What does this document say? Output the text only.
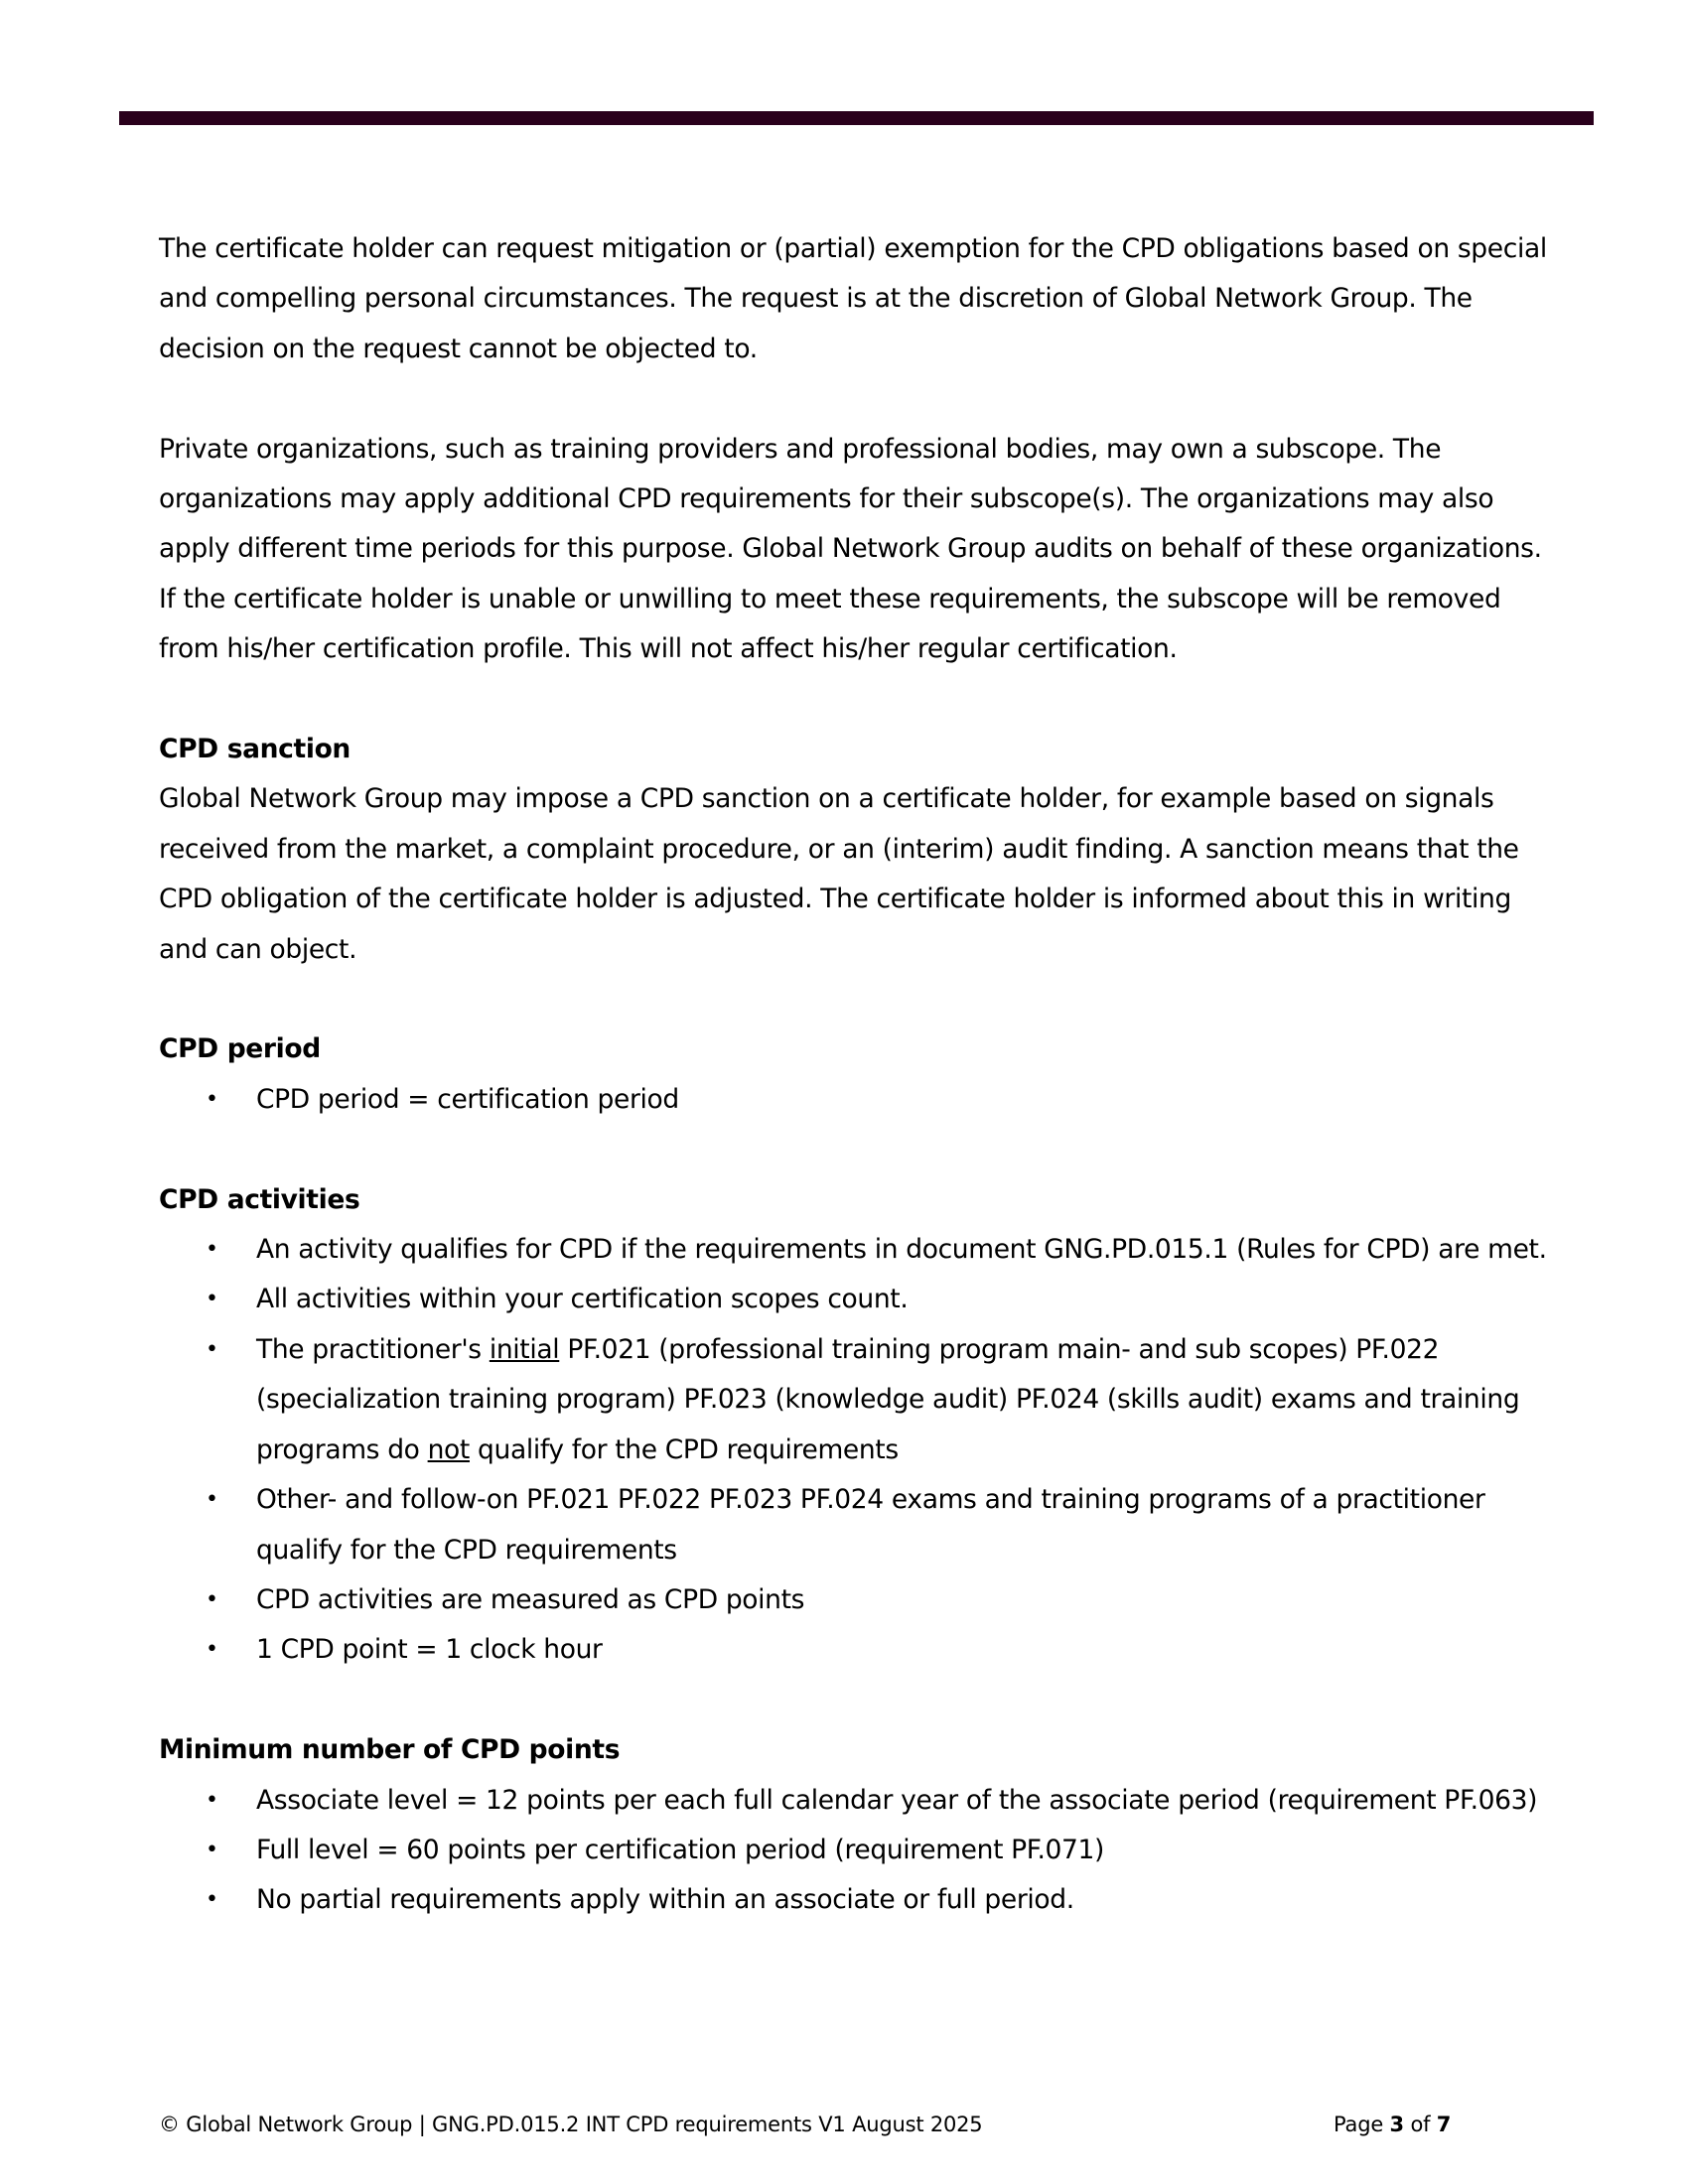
The certificate holder can request mitigation or (partial) exemption for the CPD obligations based on special and compelling personal circumstances. The request is at the discretion of Global Network Group. The decision on the request cannot be objected to.

Private organizations, such as training providers and professional bodies, may own a subscope. The organizations may apply additional CPD requirements for their subscope(s). The organizations may also apply different time periods for this purpose. Global Network Group audits on behalf of these organizations. If the certificate holder is unable or unwilling to meet these requirements, the subscope will be removed from his/her certification profile. This will not affect his/her regular certification.

CPD sanction

Global Network Group may impose a CPD sanction on a certificate holder, for example based on signals received from the market, a complaint procedure, or an (interim) audit finding. A sanction means that the CPD obligation of the certificate holder is adjusted. The certificate holder is informed about this in writing and can object.

CPD period

• CPD period = certification period

CPD activities

• An activity qualifies for CPD if the requirements in document GNG.PD.015.1 (Rules for CPD) are met.
• All activities within your certification scopes count.
• The practitioner's initial PF.021 (professional training program main- and sub scopes) PF.022 (specialization training program) PF.023 (knowledge audit) PF.024 (skills audit) exams and training programs do not qualify for the CPD requirements
• Other- and follow-on PF.021 PF.022 PF.023 PF.024 exams and training programs of a practitioner qualify for the CPD requirements
• CPD activities are measured as CPD points
• 1 CPD point = 1 clock hour

Minimum number of CPD points

• Associate level = 12 points per each full calendar year of the associate period (requirement PF.063)
• Full level = 60 points per certification period (requirement PF.071)
• No partial requirements apply within an associate or full period.
© Global Network Group | GNG.PD.015.2 INT CPD requirements V1 August 2025	Page 3 of 7
